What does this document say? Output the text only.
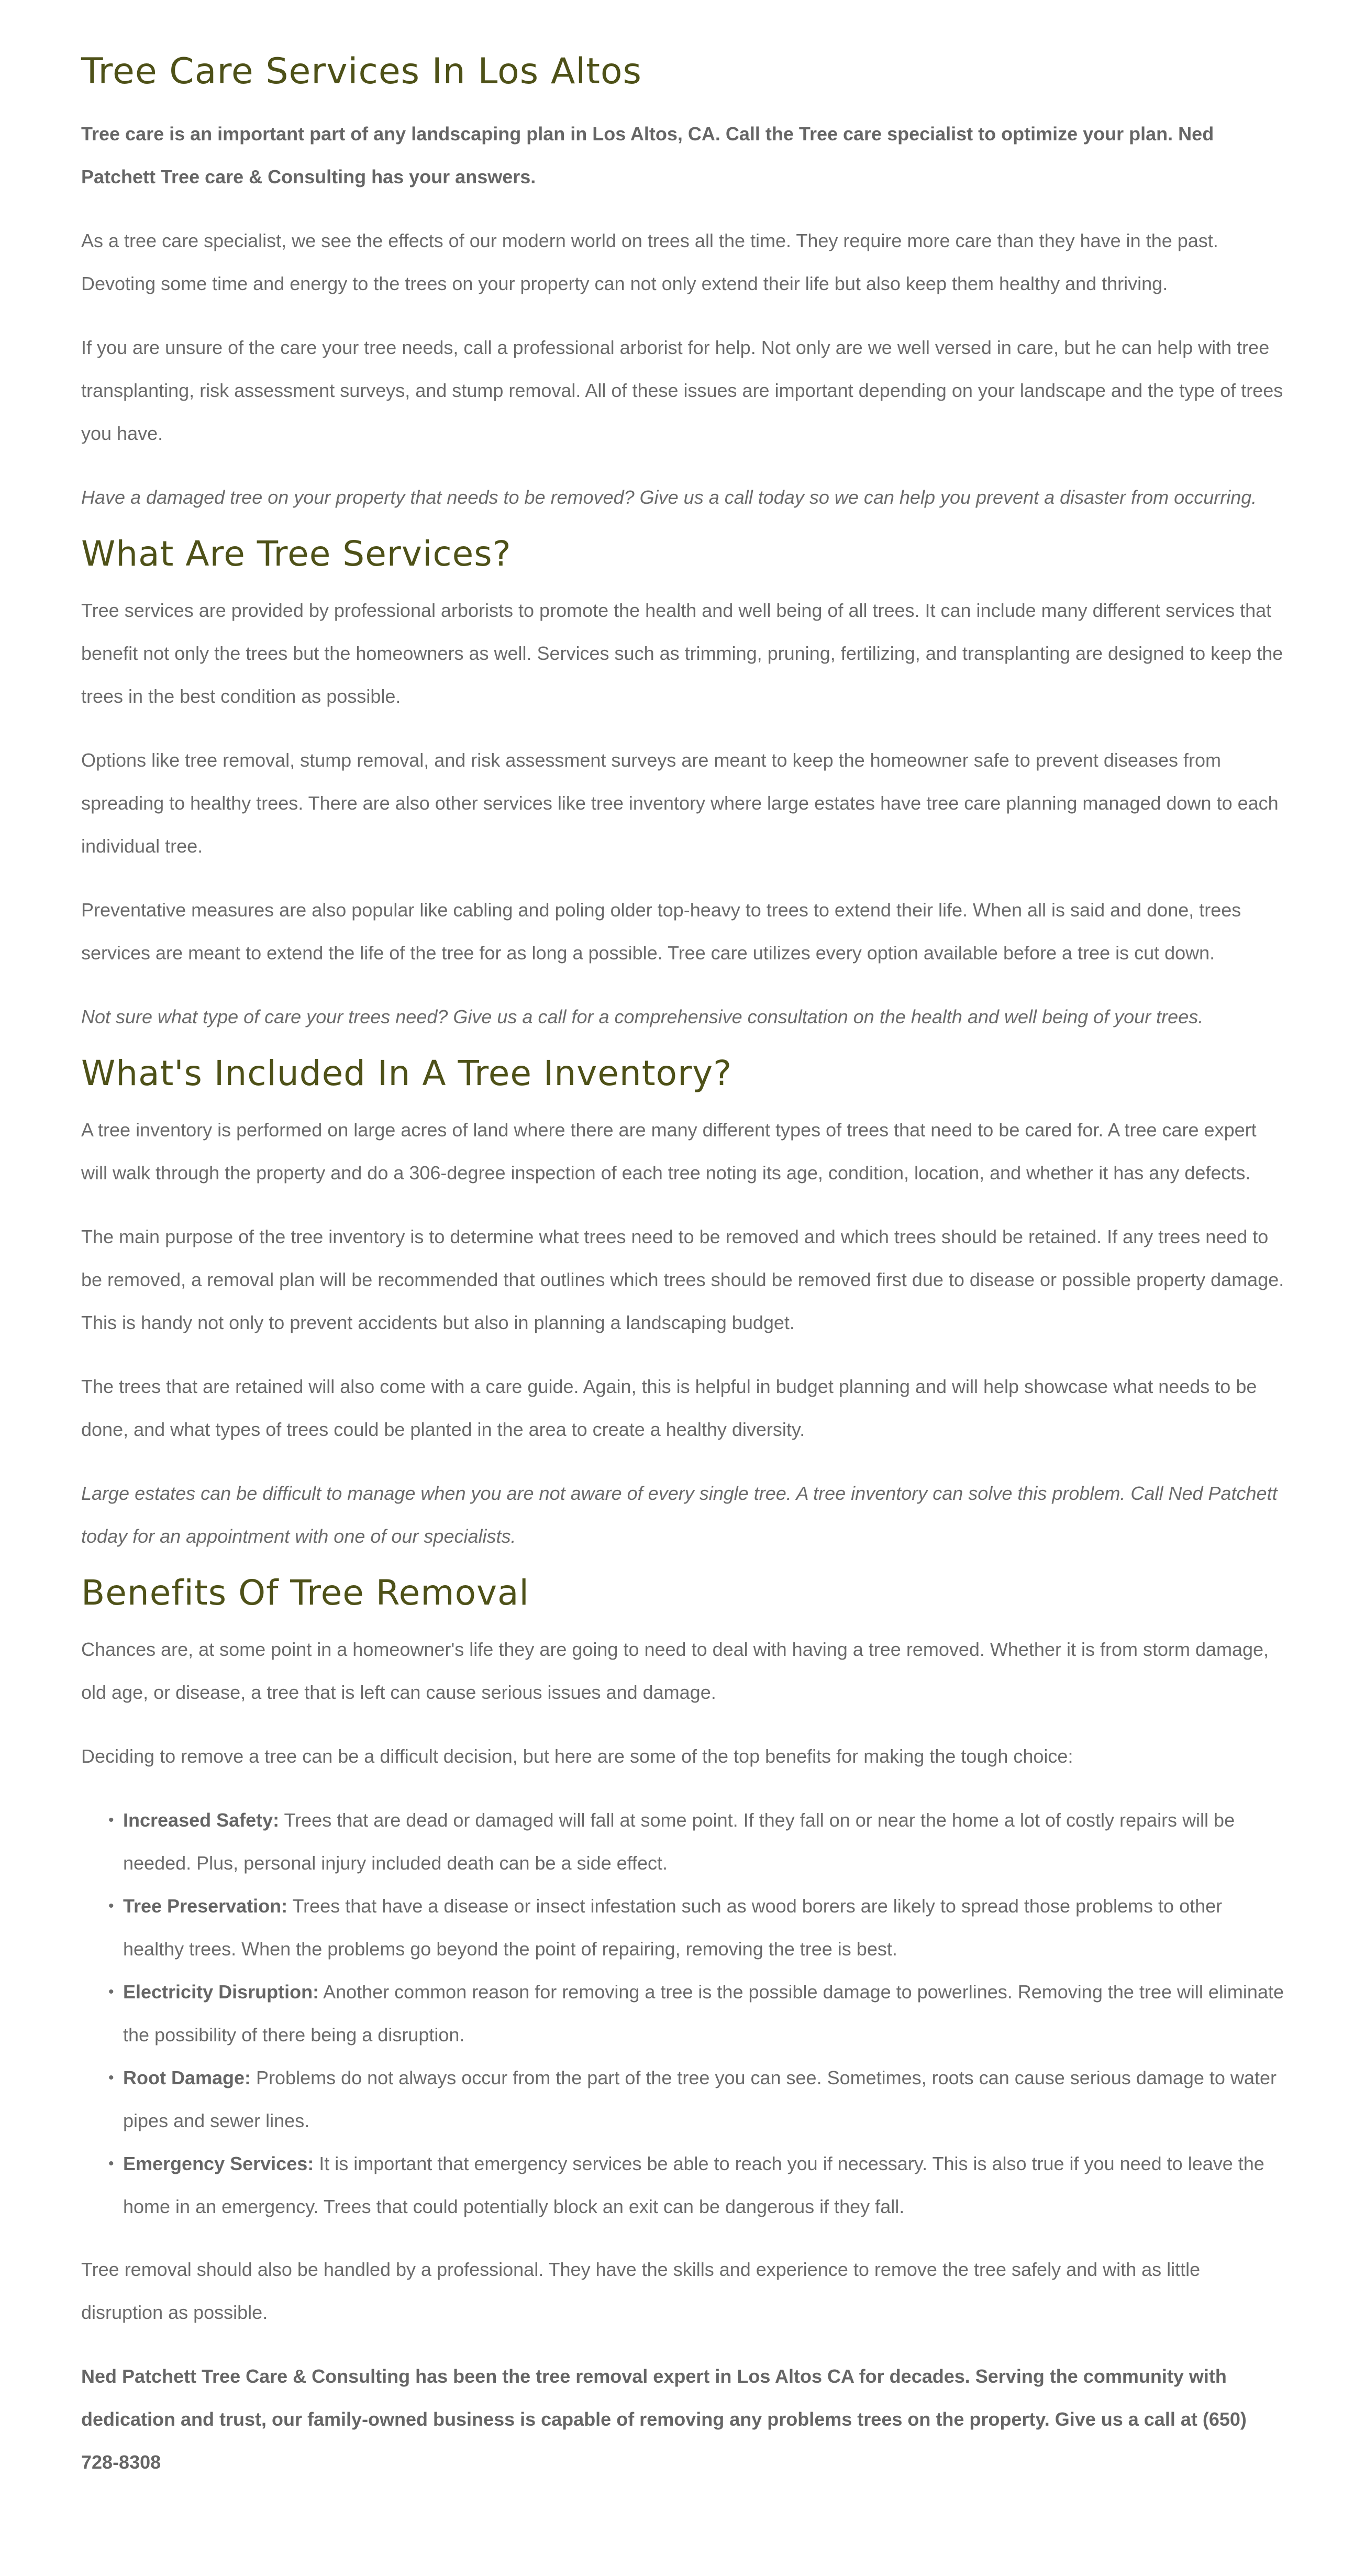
Tree Care Services In Los Altos

Tree care is an important part of any landscaping plan in Los Altos, CA. Call the Tree care specialist to optimize your plan. Ned Patchett Tree care & Consulting has your answers.

As a tree care specialist, we see the effects of our modern world on trees all the time. They require more care than they have in the past. Devoting some time and energy to the trees on your property can not only extend their life but also keep them healthy and thriving.

If you are unsure of the care your tree needs, call a professional arborist for help. Not only are we well versed in care, but he can help with tree transplanting, risk assessment surveys, and stump removal. All of these issues are important depending on your landscape and the type of trees you have.

Have a damaged tree on your property that needs to be removed? Give us a call today so we can help you prevent a disaster from occurring.

What Are Tree Services?

Tree services are provided by professional arborists to promote the health and well being of all trees. It can include many different services that benefit not only the trees but the homeowners as well. Services such as trimming, pruning, fertilizing, and transplanting are designed to keep the trees in the best condition as possible.

Options like tree removal, stump removal, and risk assessment surveys are meant to keep the homeowner safe to prevent diseases from spreading to healthy trees. There are also other services like tree inventory where large estates have tree care planning managed down to each individual tree.

Preventative measures are also popular like cabling and poling older top-heavy to trees to extend their life. When all is said and done, trees services are meant to extend the life of the tree for as long a possible. Tree care utilizes every option available before a tree is cut down.

Not sure what type of care your trees need? Give us a call for a comprehensive consultation on the health and well being of your trees.

What's Included In A Tree Inventory?

A tree inventory is performed on large acres of land where there are many different types of trees that need to be cared for. A tree care expert will walk through the property and do a 306-degree inspection of each tree noting its age, condition, location, and whether it has any defects.

The main purpose of the tree inventory is to determine what trees need to be removed and which trees should be retained. If any trees need to be removed, a removal plan will be recommended that outlines which trees should be removed first due to disease or possible property damage. This is handy not only to prevent accidents but also in planning a landscaping budget.

The trees that are retained will also come with a care guide. Again, this is helpful in budget planning and will help showcase what needs to be done, and what types of trees could be planted in the area to create a healthy diversity.

Large estates can be difficult to manage when you are not aware of every single tree. A tree inventory can solve this problem. Call Ned Patchett today for an appointment with one of our specialists.

Benefits Of Tree Removal

Chances are, at some point in a homeowner's life they are going to need to deal with having a tree removed. Whether it is from storm damage, old age, or disease, a tree that is left can cause serious issues and damage.

Deciding to remove a tree can be a difficult decision, but here are some of the top benefits for making the tough choice:

• Increased Safety: Trees that are dead or damaged will fall at some point. If they fall on or near the home a lot of costly repairs will be needed. Plus, personal injury included death can be a side effect.
• Tree Preservation: Trees that have a disease or insect infestation such as wood borers are likely to spread those problems to other healthy trees. When the problems go beyond the point of repairing, removing the tree is best.
• Electricity Disruption: Another common reason for removing a tree is the possible damage to powerlines. Removing the tree will eliminate the possibility of there being a disruption.
• Root Damage: Problems do not always occur from the part of the tree you can see. Sometimes, roots can cause serious damage to water pipes and sewer lines.
• Emergency Services: It is important that emergency services be able to reach you if necessary. This is also true if you need to leave the home in an emergency. Trees that could potentially block an exit can be dangerous if they fall.

Tree removal should also be handled by a professional. They have the skills and experience to remove the tree safely and with as little disruption as possible.

Ned Patchett Tree Care & Consulting has been the tree removal expert in Los Altos CA for decades. Serving the community with dedication and trust, our family-owned business is capable of removing any problems trees on the property. Give us a call at (650) 728-8308
